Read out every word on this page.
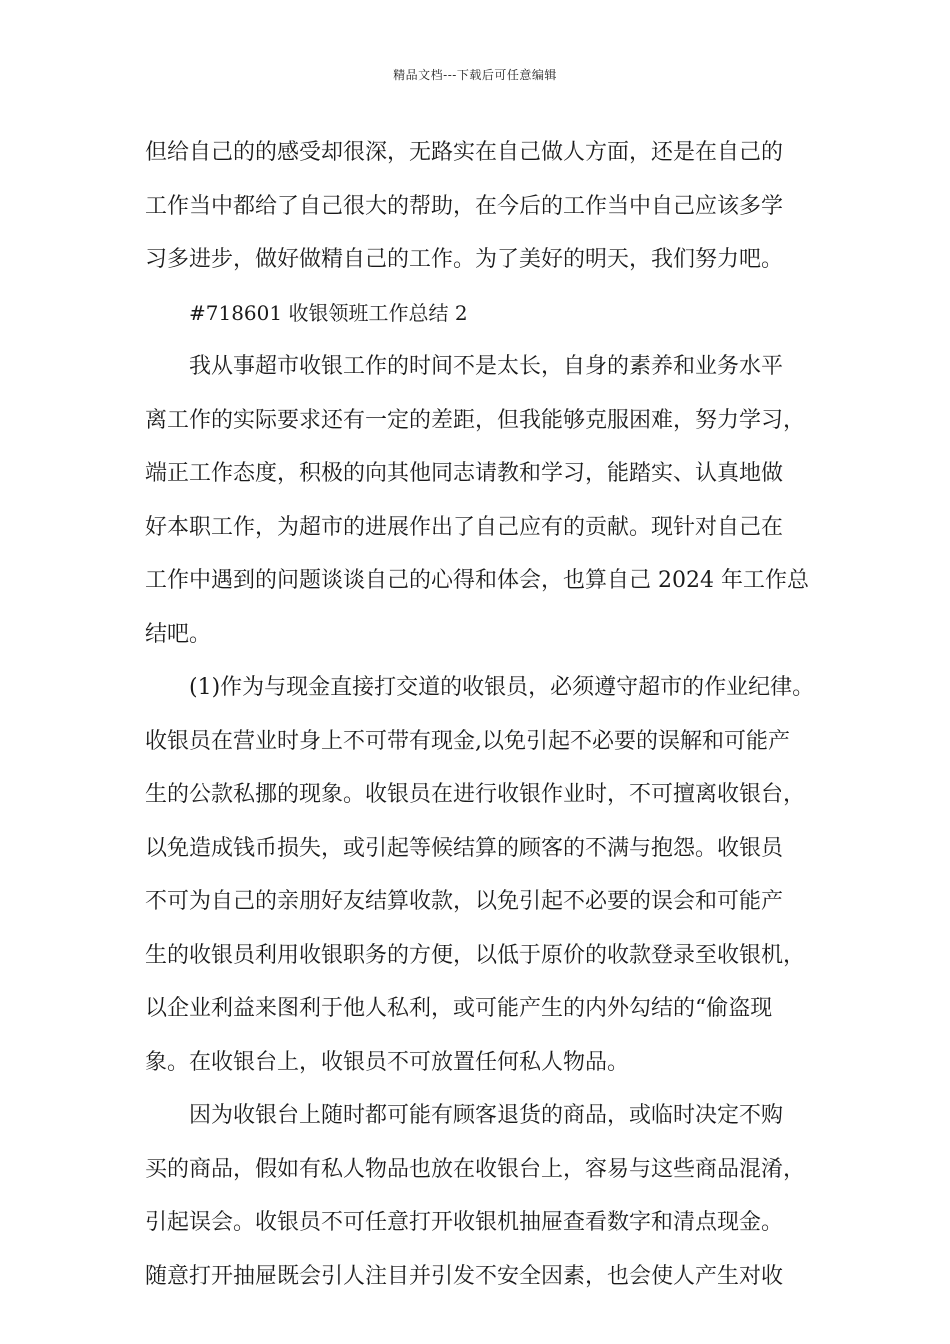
精品文档---下载后可任意编辑
但给自己的的感受却很深，无路实在自己做人方面，还是在自己的
工作当中都给了自己很大的帮助，在今后的工作当中自己应该多学
习多进步，做好做精自己的工作。为了美好的明天，我们努力吧。
#718601 收银领班工作总结 2
我从事超市收银工作的时间不是太长，自身的素养和业务水平
离工作的实际要求还有一定的差距，但我能够克服困难，努力学习，
端正工作态度，积极的向其他同志请教和学习，能踏实、认真地做
好本职工作，为超市的进展作出了自己应有的贡献。现针对自己在
工作中遇到的问题谈谈自己的心得和体会，也算自己 2024 年工作总
结吧。
(1)作为与现金直接打交道的收银员，必须遵守超市的作业纪律。
收银员在营业时身上不可带有现金,以免引起不必要的误解和可能产
生的公款私挪的现象。收银员在进行收银作业时，不可擅离收银台，
以免造成钱币损失，或引起等候结算的顾客的不满与抱怨。收银员
不可为自己的亲朋好友结算收款，以免引起不必要的误会和可能产
生的收银员利用收银职务的方便，以低于原价的收款登录至收银机，
以企业利益来图利于他人私利，或可能产生的内外勾结的“偷盗现
象。在收银台上，收银员不可放置任何私人物品。
因为收银台上随时都可能有顾客退货的商品，或临时决定不购
买的商品，假如有私人物品也放在收银台上，容易与这些商品混淆，
引起误会。收银员不可任意打开收银机抽屉查看数字和清点现金。
随意打开抽屉既会引人注目并引发不安全因素，也会使人产生对收
